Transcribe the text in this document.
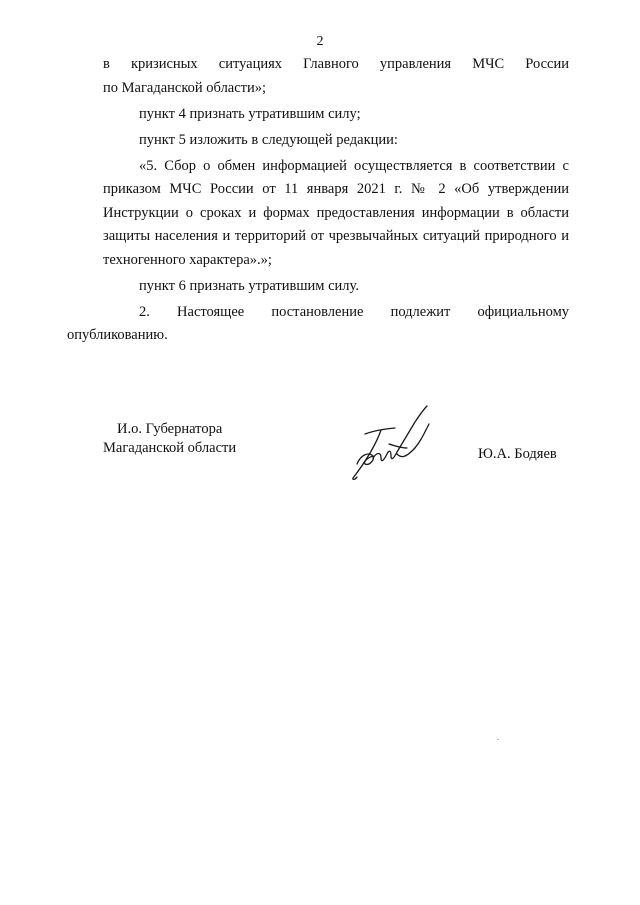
2

в кризисных ситуациях Главного управления МЧС России
по Магаданской области»;

пункт 4 признать утратившим силу;

пункт 5 изложить в следующей редакции:

«5. Сбор о обмен информацией осуществляется в соответствии с приказом МЧС России от 11 января 2021 г. № 2 «Об утверждении Инструкции о сроках и формах предоставления информации в области защиты населения и территорий от чрезвычайных ситуаций природного и техногенного характера».»;

пункт 6 признать утратившим силу.

2. Настоящее постановление подлежит официальному
опубликованию.

И.о. Губернатора
Магаданской области	Ю.А. Бодяев
